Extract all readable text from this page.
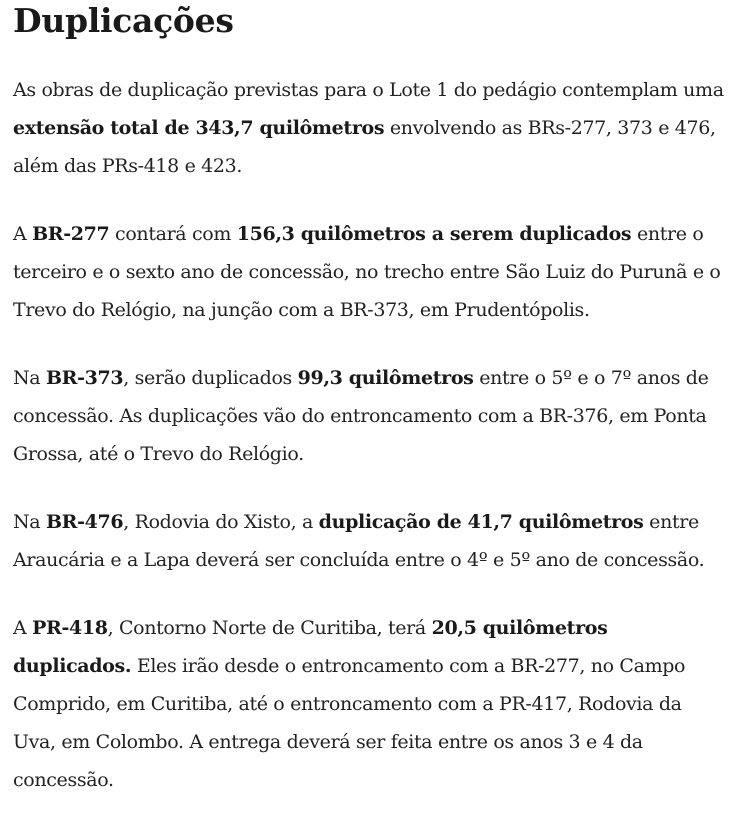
Duplicações

As obras de duplicação previstas para o Lote 1 do pedágio contemplam uma extensão total de 343,7 quilômetros envolvendo as BRs-277, 373 e 476, além das PRs-418 e 423.

A BR-277 contará com 156,3 quilômetros a serem duplicados entre o terceiro e o sexto ano de concessão, no trecho entre São Luiz do Purunã e o Trevo do Relógio, na junção com a BR-373, em Prudentópolis.

Na BR-373, serão duplicados 99,3 quilômetros entre o 5º e o 7º anos de concessão. As duplicações vão do entroncamento com a BR-376, em Ponta Grossa, até o Trevo do Relógio.

Na BR-476, Rodovia do Xisto, a duplicação de 41,7 quilômetros entre Araucária e a Lapa deverá ser concluída entre o 4º e 5º ano de concessão.

A PR-418, Contorno Norte de Curitiba, terá 20,5 quilômetros duplicados. Eles irão desde o entroncamento com a BR-277, no Campo Comprido, em Curitiba, até o entroncamento com a PR-417, Rodovia da Uva, em Colombo. A entrega deverá ser feita entre os anos 3 e 4 da concessão.
